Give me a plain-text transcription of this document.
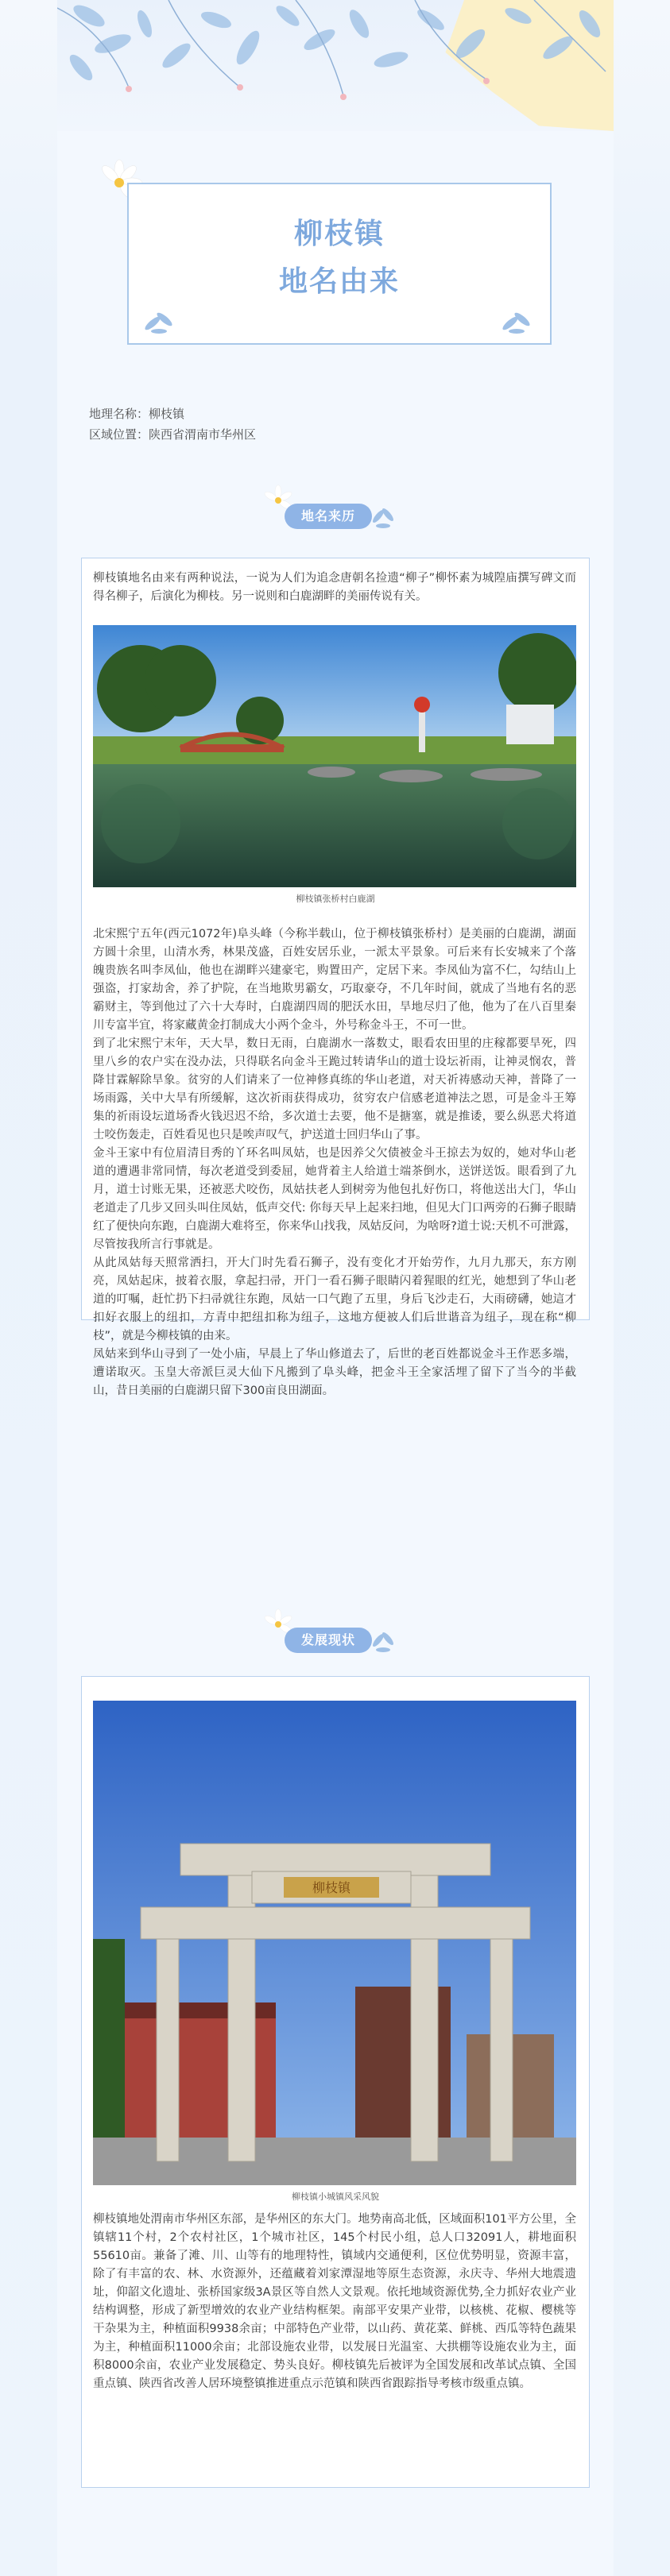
柳枝镇
地名由来
地理名称：柳枝镇
区域位置：陕西省渭南市华州区
地名来历

柳枝镇地名由来有两种说法，一说为人们为追念唐朝名捡遗“柳子”柳怀素为城隍庙撰写碑文而得名柳子，后演化为柳枝。另一说则和白鹿湖畔的美丽传说有关。

柳枝镇张桥村白鹿湖

北宋熙宁五年(西元1072年)阜头峰（今称半载山，位于柳枝镇张桥村）是美丽的白鹿湖，湖面方圆十余里，山清水秀，林果茂盛，百姓安居乐业，一派太平景象。可后来有长安城来了个落魄贵族名叫李凤仙，他也在湖畔兴建豪宅，购置田产，定居下来。李凤仙为富不仁，勾结山上强盗，打家劫舍，养了护院，在当地欺男霸女，巧取豪夺，不几年时间，就成了当地有名的恶霸财主，等到他过了六十大寿时，白鹿湖四周的肥沃水田，旱地尽归了他，他为了在八百里秦川专富半宜，将家藏黄金打制成大小两个金斗，外号称金斗王，不可一世。

到了北宋熙宁末年，天大旱，数日无雨，白鹿湖水一落数丈，眼看农田里的庄稼都要旱死，四里八乡的农户实在没办法，只得联名向金斗王跪过转请华山的道士设坛祈雨，让神灵悯农，普降甘霖解除旱象。贫穷的人们请来了一位神修真练的华山老道，对天祈祷感动天神，普降了一场雨露，关中大旱有所缓解，这次祈雨获得成功，贫穷农户信感老道神法之恩，可是金斗王筹集的祈雨设坛道场香火钱迟迟不给，多次道士去要，他不是搪塞，就是推诿，要么纵恶犬将道士咬伤轰走，百姓看见也只是唉声叹气，护送道士回归华山了事。

金斗王家中有位眉清目秀的丫环名叫凤姑，也是因养父欠债被金斗王掠去为奴的，她对华山老道的遭遇非常同情，每次老道受到委屈，她背着主人给道士端茶倒水，送饼送饭。眼看到了九月，道士讨账无果，还被恶犬咬伤，凤姑扶老人到树旁为他包扎好伤口，将他送出大门，华山老道走了几步又回头叫住凤姑，低声交代: 你每天早上起来扫地，但见大门口两旁的石狮子眼睛红了便快向东跑，白鹿湖大难将至，你来华山找我，凤姑反问，为啥呀?道士说:天机不可泄露，尽管按我所言行事就是。

从此凤姑每天照常洒扫，开大门时先看石狮子，没有变化才开始劳作，九月九那天，东方刚亮，凤姑起床，披着衣服，拿起扫帚，开门一看石狮子眼睛闪着猩眼的红光，她想到了华山老道的叮嘱，赶忙扔下扫帚就往东跑，凤姑一口气跑了五里，身后飞沙走石，大雨磅礴，她這才扣好衣服上的纽扣，方青中把纽扣称为纽子，这地方便被人们后世谐音为纽子，现在称“柳枝”，就是今柳枝镇的由来。

凤姑来到华山寻到了一处小庙，早晨上了华山修道去了，后世的老百姓都说金斗王作恶多端，遭诺取灭。玉皇大帝派巨灵大仙下凡搬到了阜头峰，把金斗王全家活埋了留下了当今的半截山，昔日美丽的白鹿湖只留下300亩良田湖面。

发展现状
柳枝镇
柳枝镇小城镇风采风貌

柳枝镇地处渭南市华州区东部，是华州区的东大门。地势南高北低，区域面积101平方公里，全镇辖11个村，2个农村社区，1个城市社区，145个村民小组，总人口32091人，耕地面积55610亩。兼备了滩、川、山等有的地理特性，镇域内交通便利，区位优势明显，资源丰富，除了有丰富的农、林、水资源外，还蕴藏着刘家潭湿地等原生态资源，永庆寺、华州大地震遗址，仰韶文化遗址、张桥国家级3A景区等自然人文景观。依托地域资源优势,全力抓好农业产业结构调整，形成了新型增效的农业产业结构框架。南部平安果产业带，以核桃、花椒、樱桃等干杂果为主，种植面积9938余亩；中部特色产业带，以山药、黄花菜、鲜桃、西瓜等特色蔬果为主，种植面积11000余亩；北部设施农业带，以发展日光温室、大拱棚等设施农业为主，面积8000余亩，农业产业发展稳定、势头良好。柳枝镇先后被评为全国发展和改革试点镇、全国重点镇、陕西省改善人居环境整镇推进重点示范镇和陕西省跟踪指导考核市级重点镇。
